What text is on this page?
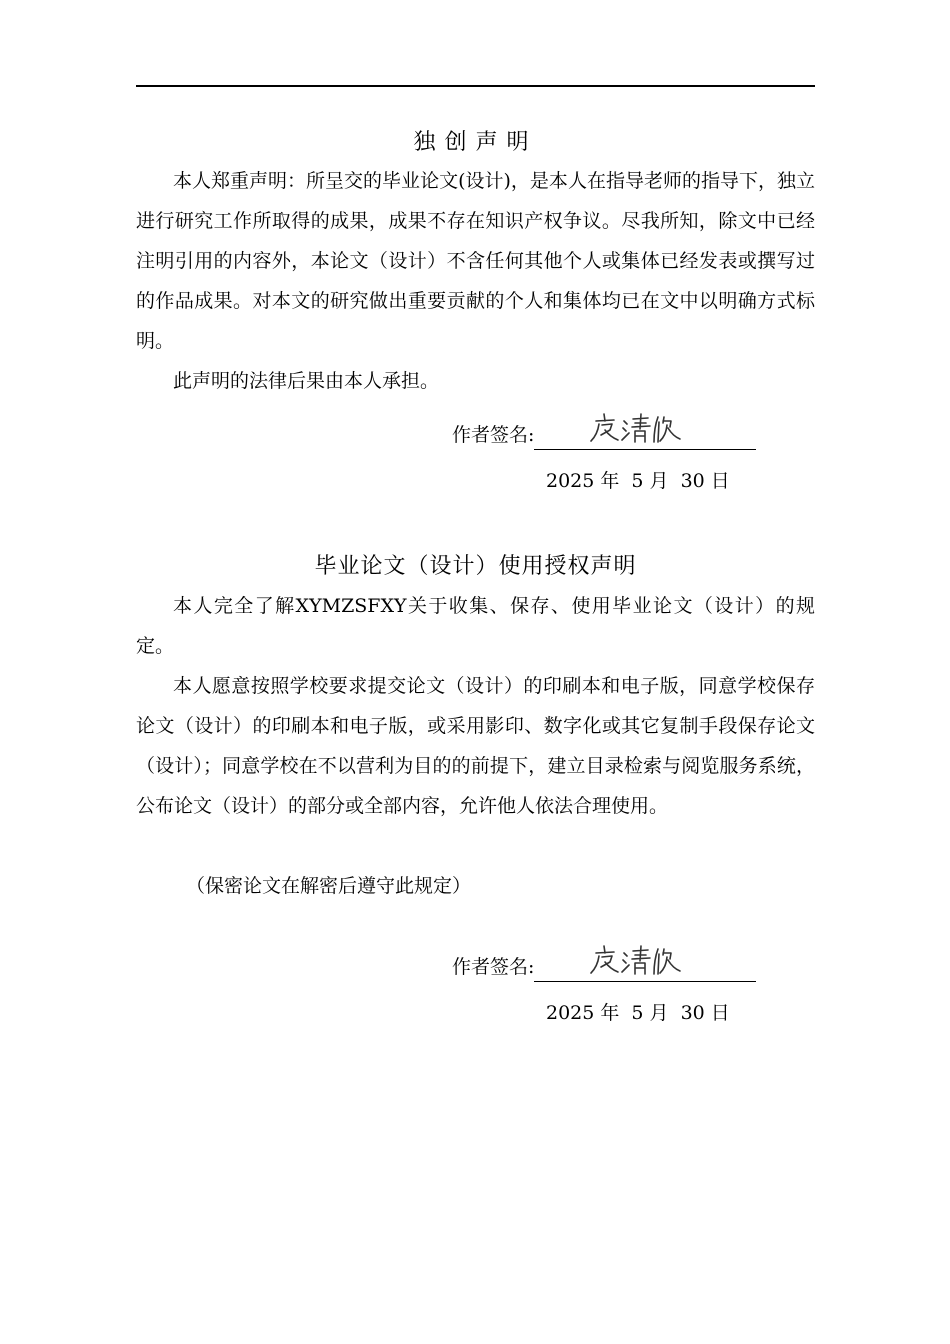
独创声明

本人郑重声明：所呈交的毕业论文(设计)，是本人在指导老师的指导下，独立进行研究工作所取得的成果，成果不存在知识产权争议。尽我所知，除文中已经注明引用的内容外，本论文（设计）不含任何其他个人或集体已经发表或撰写过的作品成果。对本文的研究做出重要贡献的个人和集体均已在文中以明确方式标明。

此声明的法律后果由本人承担。

作者签名:
2025 年 5 月 30 日
毕业论文（设计）使用授权声明

本人完全了解XYMZSFXY关于收集、保存、使用毕业论文（设计）的规定。

本人愿意按照学校要求提交论文（设计）的印刷本和电子版，同意学校保存论文（设计）的印刷本和电子版，或采用影印、数字化或其它复制手段保存论文（设计）；同意学校在不以营利为目的的前提下，建立目录检索与阅览服务系统，公布论文（设计）的部分或全部内容，允许他人依法合理使用。

（保密论文在解密后遵守此规定）

作者签名:
2025 年 5 月 30 日
